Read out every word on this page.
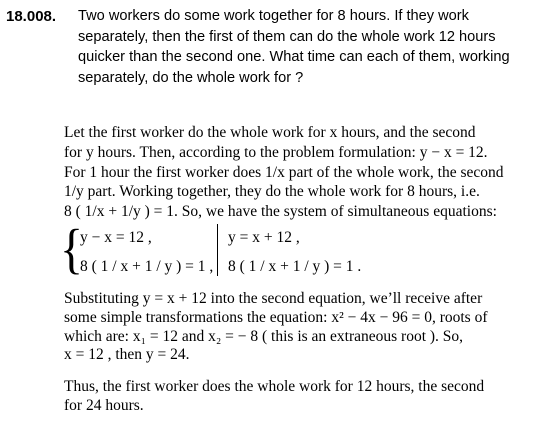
18.008. Two workers do some work together for 8 hours. If they work separately, then the first of them can do the whole work 12 hours quicker than the second one. What time can each of them, working separately, do the whole work for ?
Let the first worker do the whole work for x hours, and the second
for y hours. Then, according to the problem formulation: y − x = 12.
For 1 hour the first worker does 1/x part of the whole work, the second
1/y part. Working together, they do the whole work for 8 hours, i.e.
8 ( 1/x + 1/y ) = 1. So, we have the system of simultaneous equations:
{
y − x = 12 ,
8 ( 1 / x + 1 / y ) = 1 ,
y = x + 12 ,
8 ( 1 / x + 1 / y ) = 1 .
Substituting y = x + 12 into the second equation, we’ll receive after
some simple transformations the equation: x² − 4x − 96 = 0, roots of
which are: x₁ = 12 and x₂ = − 8 ( this is an extraneous root ). So,
x = 12 , then y = 24.
Thus, the first worker does the whole work for 12 hours, the second
for 24 hours.
